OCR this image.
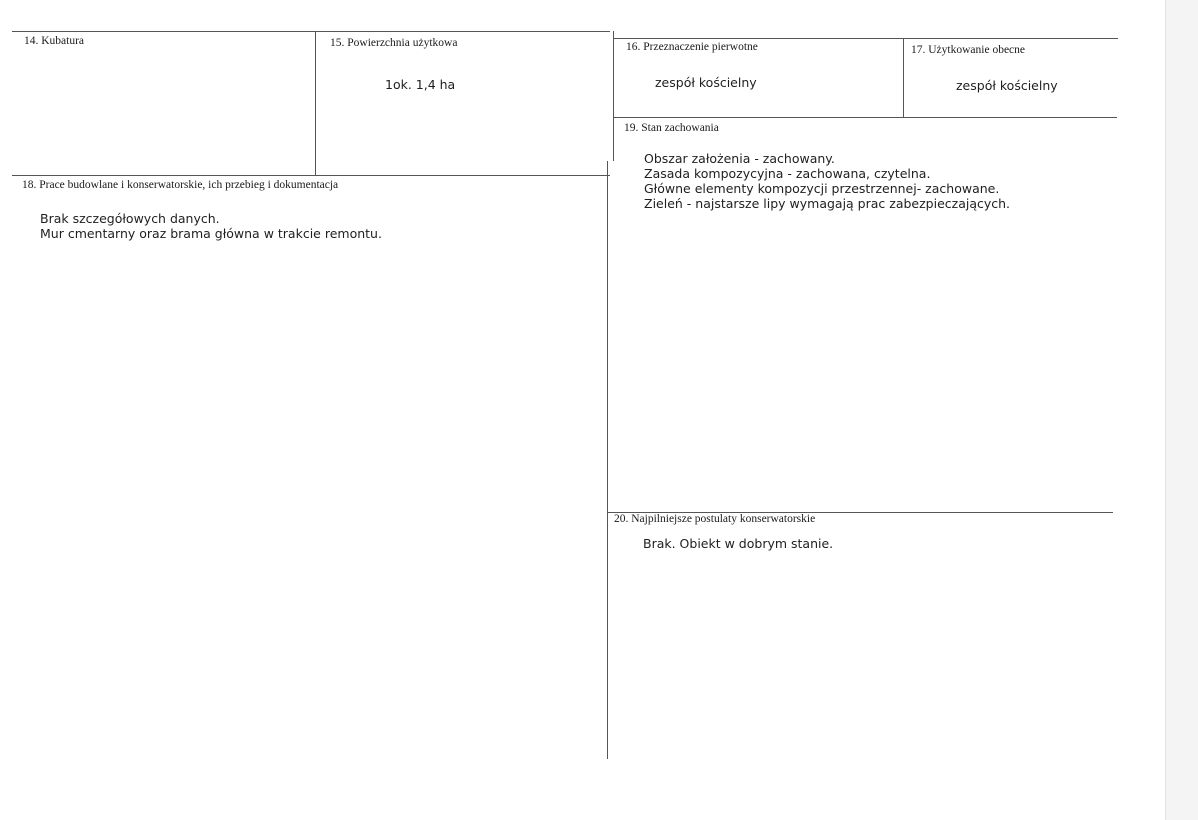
14. Kubatura	15. Powierzchnia użytkowa
1ok. 1,4 ha
16. Przeznaczenie pierwotne
zespół kościelny
17. Użytkowanie obecne
zespół kościelny
18. Prace budowlane i konserwatorskie, ich przebieg i dokumentacja
Brak szczegółowych danych.
Mur cmentarny oraz brama główna w trakcie remontu.
19. Stan zachowania
Obszar założenia - zachowany.
Zasada kompozycyjna - zachowana, czytelna.
Główne elementy kompozycji przestrzennej- zachowane.
Zieleń - najstarsze lipy wymagają prac zabezpieczających.
20. Najpilniejsze postulaty konserwatorskie
Brak. Obiekt w dobrym stanie.
